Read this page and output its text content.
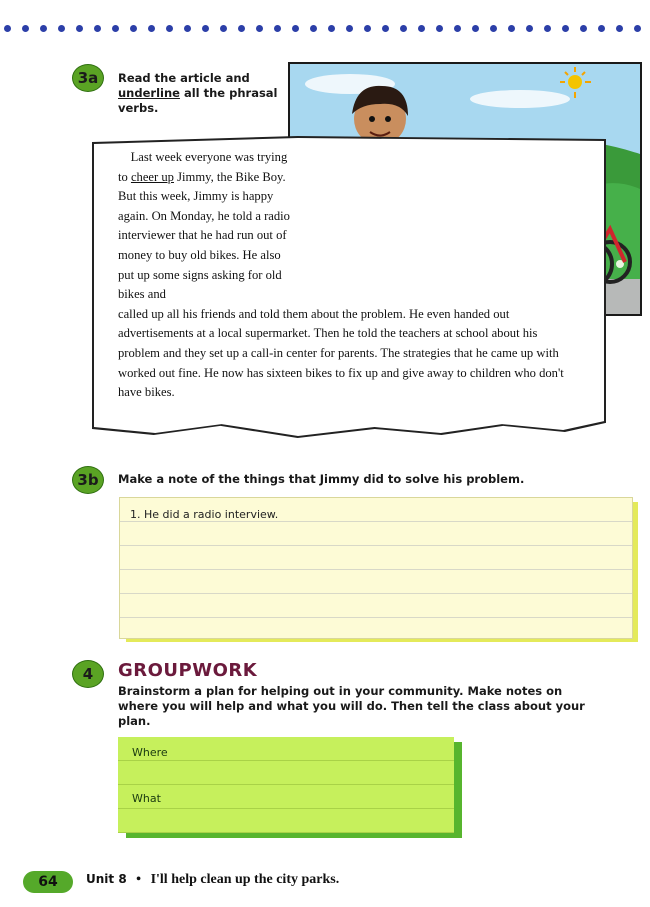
3a	Read the article and underline all the phrasal verbs.
Last week everyone was trying to cheer up Jimmy, the Bike Boy. But this week, Jimmy is happy again. On Monday, he told a radio interviewer that he had run out of money to buy old bikes. He also put up some signs asking for old bikes and
called up all his friends and told them about the problem. He even handed out advertisements at a local supermarket. Then he told the teachers at school about his problem and they set up a call-in center for parents. The strategies that he came up with worked out fine. He now has sixteen bikes to fix up and give away to children who don't have bikes.
3b	Make a note of the things that Jimmy did to solve his problem.
1. He did a radio interview.
4	GROUPWORK
Brainstorm a plan for helping out in your community. Make notes on where you will help and what you will do. Then tell the class about your plan.
Where
What
64	Unit 8 • I'll help clean up the city parks.
